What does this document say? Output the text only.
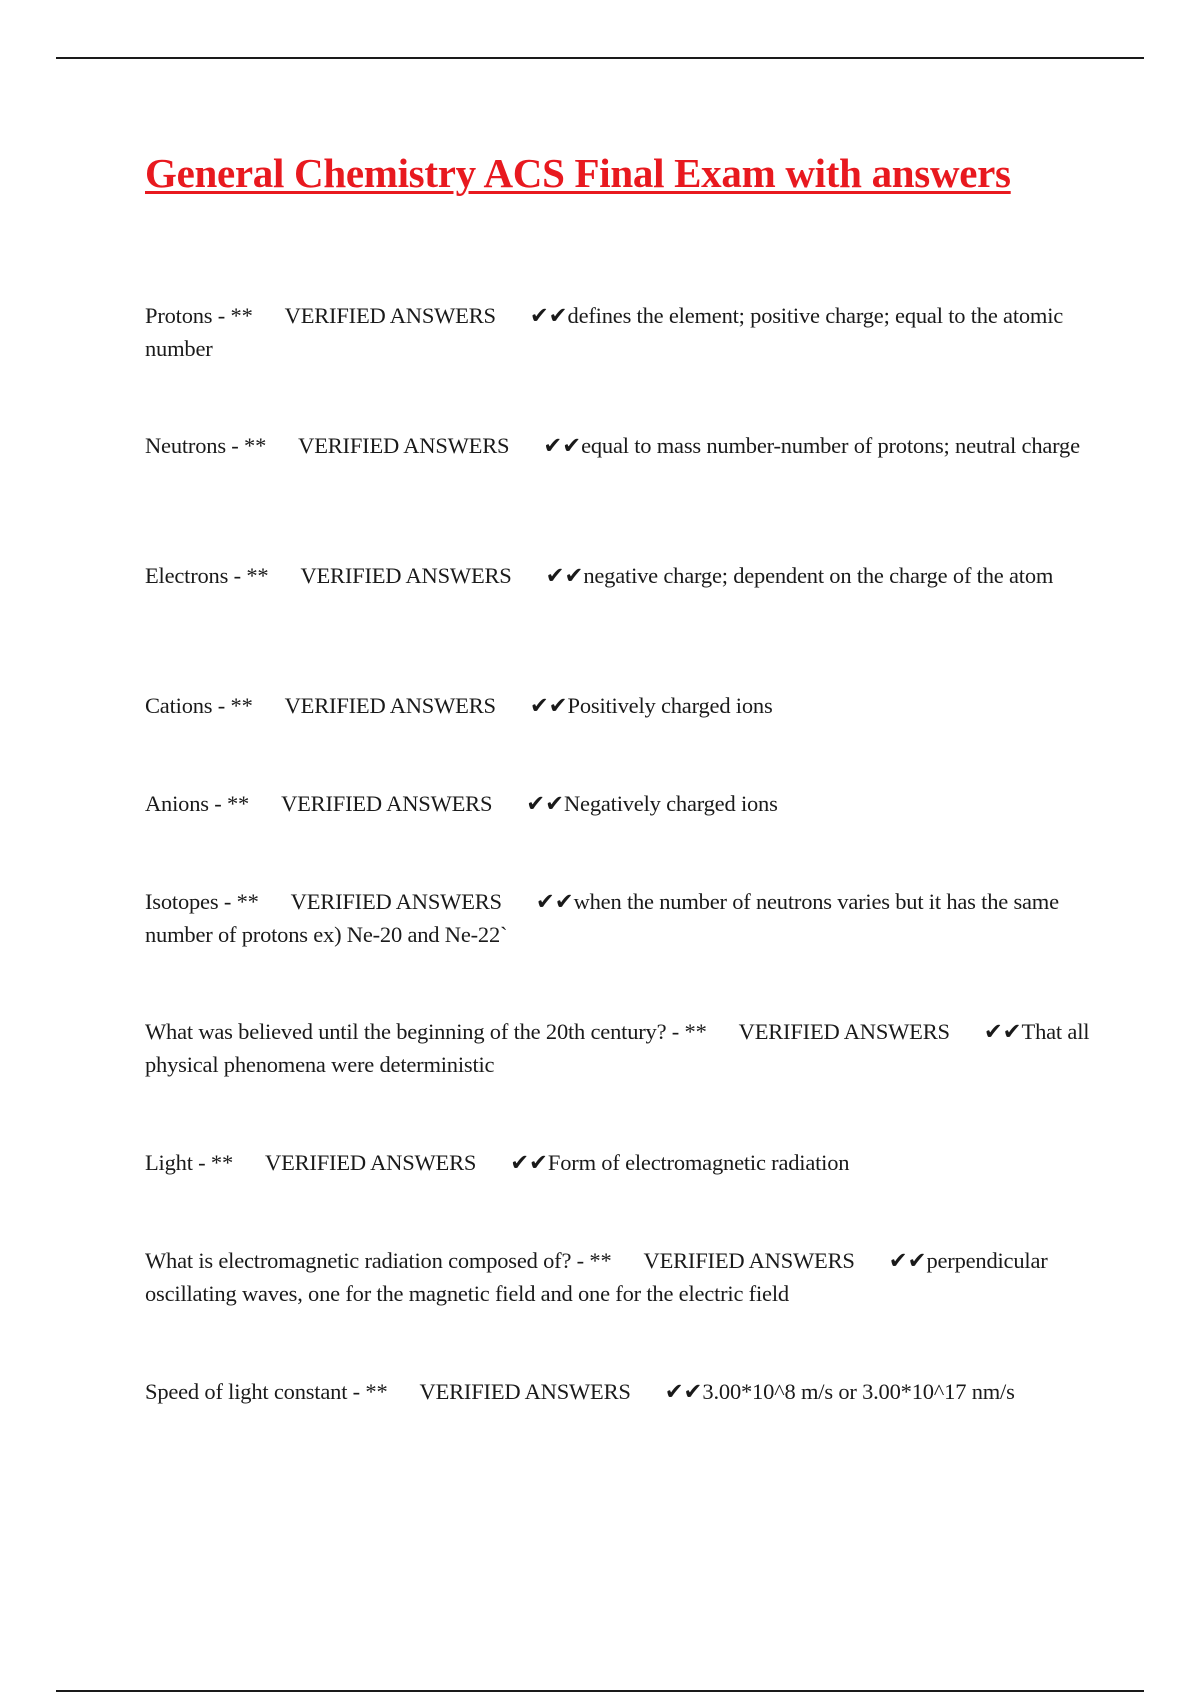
General Chemistry ACS Final Exam with answers

Protons - ** VERIFIED ANSWERS ✔✔defines the element; positive charge; equal to the atomic number

Neutrons - ** VERIFIED ANSWERS ✔✔equal to mass number-number of protons; neutral charge

Electrons - ** VERIFIED ANSWERS ✔✔negative charge; dependent on the charge of the atom

Cations - ** VERIFIED ANSWERS ✔✔Positively charged ions

Anions - ** VERIFIED ANSWERS ✔✔Negatively charged ions

Isotopes - ** VERIFIED ANSWERS ✔✔when the number of neutrons varies but it has the same number of protons ex) Ne-20 and Ne-22`

What was believed until the beginning of the 20th century? - ** VERIFIED ANSWERS ✔✔That all physical phenomena were deterministic

Light - ** VERIFIED ANSWERS ✔✔Form of electromagnetic radiation

What is electromagnetic radiation composed of? - ** VERIFIED ANSWERS ✔✔perpendicular oscillating waves, one for the magnetic field and one for the electric field

Speed of light constant - ** VERIFIED ANSWERS ✔✔3.00*10^8 m/s or 3.00*10^17 nm/s
